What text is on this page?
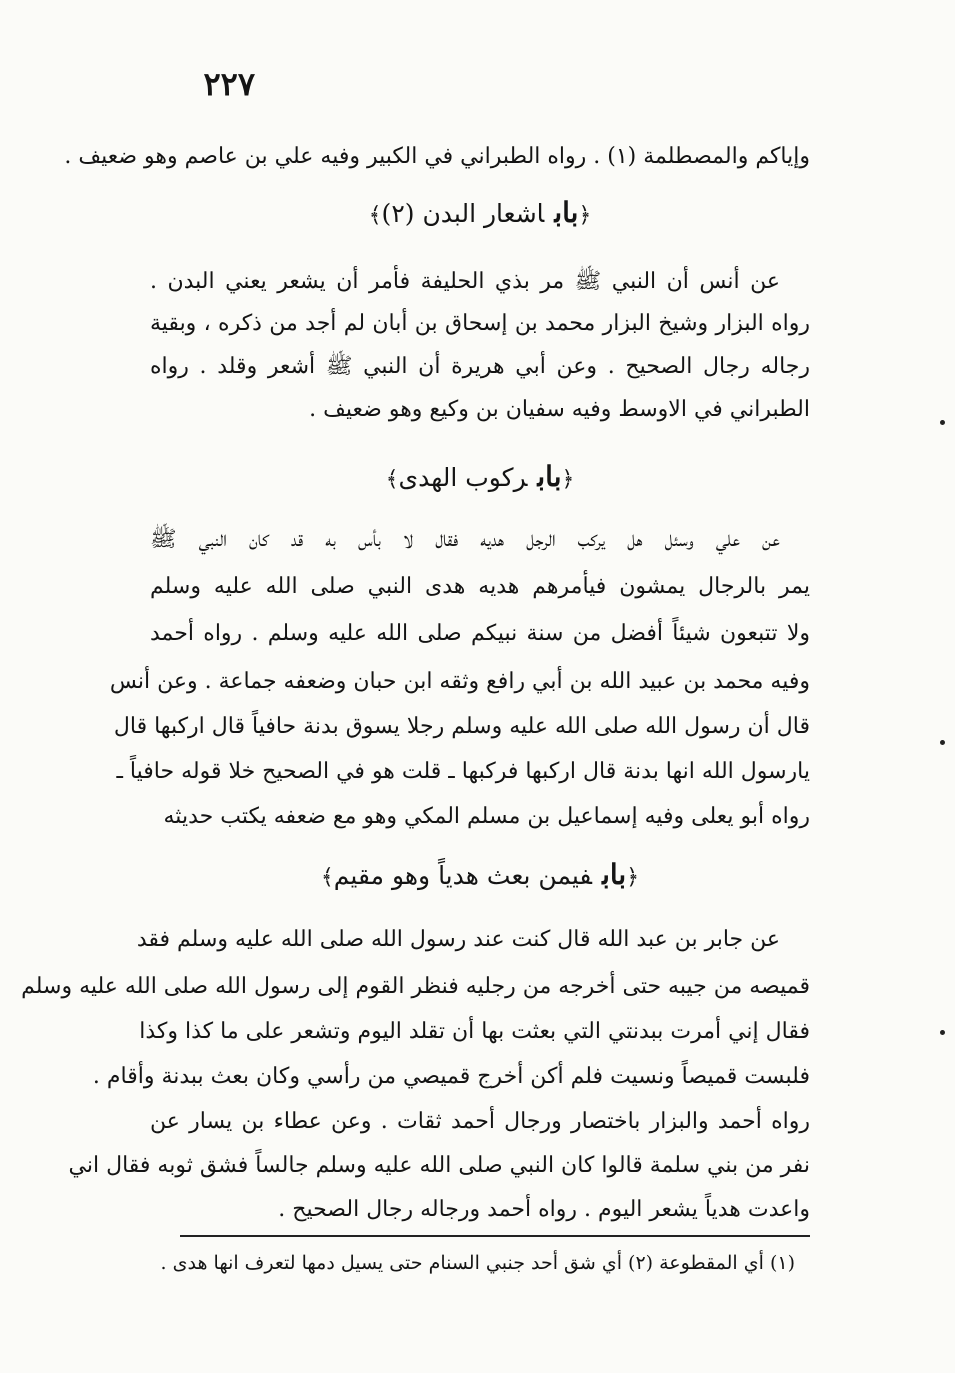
٢٢٧
وإياكم والمصطلمة (١) . رواه الطبراني في الكبير وفيه علي بن عاصم وهو ضعيف .
﴿باباشعار البدن (٢)﴾
عن أنس أن النبي ﷺ مر بذي الحليفة فأمر أن يشعر يعني البدن .
رواه البزار وشيخ البزار محمد بن إسحاق بن أبان لم أجد من ذكره ، وبقية
رجاله رجال الصحيح . وعن أبي هريرة أن النبي ﷺ أشعر وقلد . رواه
الطبراني في الاوسط وفيه سفيان بن وكيع وهو ضعيف .
﴿بابركوب الهدى﴾
عن علي وسئل هل يركب الرجل هديه فقال لا بأس به قد كان النبي ﷺ
يمر بالرجال يمشون فيأمرهم هديه هدى النبي صلى الله عليه وسلم
ولا تتبعون شيئاً أفضل من سنة نبيكم صلى الله عليه وسلم . رواه أحمد
وفيه محمد بن عبيد الله بن أبي رافع وثقه ابن حبان وضعفه جماعة . وعن أنس
قال أن رسول الله صلى الله عليه وسلم رجلا يسوق بدنة حافياً قال اركبها قال
يارسول الله انها بدنة قال اركبها فركبها ـ قلت هو في الصحيح خلا قوله حافياً ـ
رواه أبو يعلى وفيه إسماعيل بن مسلم المكي وهو مع ضعفه يكتب حديثه
﴿بابفيمن بعث هدياً وهو مقيم﴾
عن جابر بن عبد الله قال كنت عند رسول الله صلى الله عليه وسلم فقد
قميصه من جيبه حتى أخرجه من رجليه فنظر القوم إلى رسول الله صلى الله عليه وسلم
فقال إني أمرت ببدنتي التي بعثت بها أن تقلد اليوم وتشعر على ما كذا وكذا
فلبست قميصاً ونسيت فلم أكن أخرج قميصي من رأسي وكان بعث ببدنة وأقام .
رواه أحمد والبزار باختصار ورجال أحمد ثقات . وعن عطاء بن يسار عن
نفر من بني سلمة قالوا كان النبي صلى الله عليه وسلم جالساً فشق ثوبه فقال اني
واعدت هدياً يشعر اليوم . رواه أحمد ورجاله رجال الصحيح .
(١) أي المقطوعة (٢) أي شق أحد جنبي السنام حتى يسيل دمها لتعرف انها هدى .
